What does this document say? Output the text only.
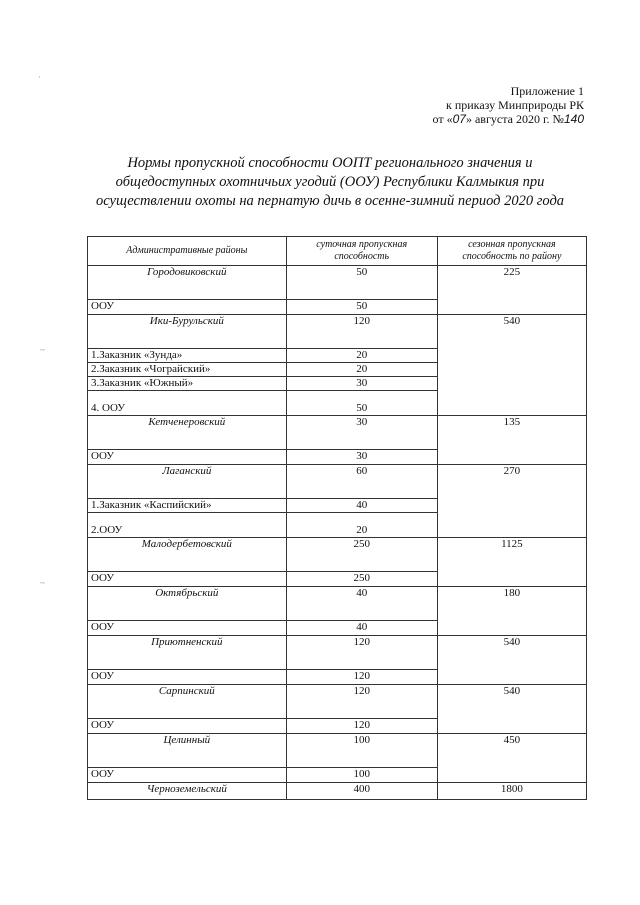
Приложение 1
к приказу Минприроды РК
от «07» августа 2020 г. №140
Нормы пропускной способности ООПТ регионального значения и
общедоступных охотничьих угодий (ООУ) Республики Калмыкия при
осуществлении охоты на пернатую дичь в осенне-зимний период 2020 года
Административные районы	суточная пропускная способность	сезонная пропускная способность по району
Городовиковский	50	225
ООУ	50	
Ики-Бурульский	120	540
1.Заказник «Зунда»	20	
2.Заказник «Чограйский»	20	
3.Заказник «Южный»	30	
4. ООУ	50	
Кетченеровский	30	135
ООУ	30	
Лаганский	60	270
1.Заказник «Каспийский»	40	
2.ООУ	20	
Малодербетовский	250	1125
ООУ	250	
Октябрьский	40	180
ООУ	40	
Приютненский	120	540
ООУ	120	
Сарпинский	120	540
ООУ	120	
Целинный	100	450
ООУ	100	
Черноземельский	400	1800
·
~
~
